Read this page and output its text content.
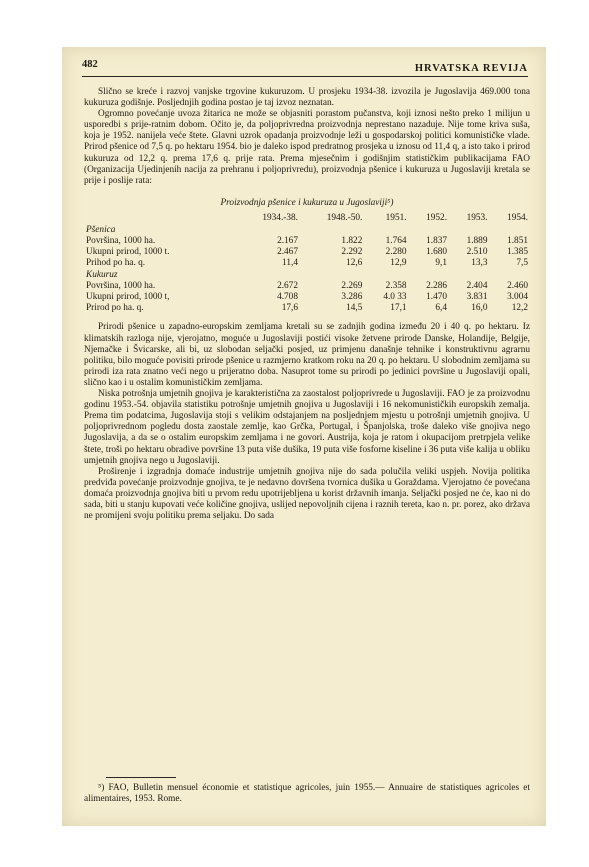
482	HRVATSKA REVIJA

Slično se kreće i razvoj vanjske trgovine kukuruzom. U prosjeku 1934-38. izvozila je Jugoslavija 469.000 tona kukuruza godišnje. Posljednjih godina postao je taj izvoz neznatan.

Ogromno povećanje uvoza žitarica ne može se objasniti porastom pučanstva, koji iznosi nešto preko 1 milijun u usporedbi s prije-ratnim dobom. Očito je, da poljoprivredna proizvodnja neprestano nazaduje. Nije tome kriva suša, koja je 1952. nanijela veće štete. Glavni uzrok opadanja proizvodnje leži u gospodarskoj politici komunističke vlade. Prirod pšenice od 7,5 q. po hektaru 1954. bio je daleko ispod predratnog prosjeka u iznosu od 11,4 q, a isto tako i prirod kukuruza od 12,2 q. prema 17,6 q. prije rata. Prema mjesečnim i godišnjim statističkim publikacijama FAO (Organizacija Ujedinjenih nacija za prehranu i poljoprivredu), proizvodnja pšenice i kukuruza u Jugoslaviji kretala se prije i poslije rata:

Proizvodnja pšenice i kukuruza u Jugoslaviji⁵)
	1934.-38.	1948.-50.	1951.	1952.	1953.	1954.
Pšenica						
Površina, 1000 ha.	2.167	1.822	1.764	1.837	1.889	1.851
Ukupni prirod, 1000 t.	2.467	2.292	2.280	1.680	2.510	1.385
Prihod po ha. q.	11,4	12,6	12,9	9,1	13,3	7,5
Kukuruz						
Površina, 1000 ha.	2.672	2.269	2.358	2.286	2.404	2.460
Ukupni prirod, 1000 t,	4.708	3.286	4.0 33	1.470	3.831	3.004
Prirod po ha. q.	17,6	14,5	17,1	6,4	16,0	12,2

Prirodi pšenice u zapadno-europskim zemljama kretali su se zadnjih godina između 20 i 40 q. po hektaru. Iz klimatskih razloga nije, vjerojatno, moguće u Jugoslaviji postići visoke žetvene prirode Danske, Holandije, Belgije, Njemačke i Švicarske, ali bi, uz slobodan seljački posjed, uz primjenu današnje tehnike i konstruktivnu agrarnu politiku, bilo moguće povisiti prirode pšenice u razmjerno kratkom roku na 20 q. po hektaru. U slobodnim zemljama su prirodi iza rata znatno veći nego u prijeratno doba. Nasuprot tome su prirodi po jedinici površine u Jugoslaviji opali, slično kao i u ostalim komunističkim zemljama.

Niska potrošnja umjetnih gnojiva je karakteristična za zaostalost poljoprivrede u Jugoslaviji. FAO je za proizvodnu godinu 1953.-54. objavila statistiku potrošnje umjetnih gnojiva u Jugoslaviji i 16 nekomunističkih europskih zemalja. Prema tim podatcima, Jugoslavija stoji s velikim odstajanjem na posljednjem mjestu u potrošnji umjetnih gnojiva. U poljoprivrednom pogledu dosta zaostale zemlje, kao Grčka, Portugal, i Španjolska, troše daleko više gnojiva nego Jugoslavija, a da se o ostalim europskim zemljama i ne govori. Austrija, koja je ratom i okupacijom pretrpjela velike štete, troši po hektaru obradive površine 13 puta više dušika, 19 puta više fosforne kiseline i 36 puta više kalija u obliku umjetnih gnojiva nego u Jugoslaviji.

Proširenje i izgradnja domaće industrije umjetnih gnojiva nije do sada polučila veliki uspjeh. Novija politika predviđa povećanje proizvodnje gnojiva, te je nedavno dovršena tvornica dušika u Goraždama. Vjerojatno će povećana domaća proizvodnja gnojiva biti u prvom redu upotrijebljena u korist državnih imanja. Seljački posjed ne će, kao ni do sada, biti u stanju kupovati veće količine gnojiva, uslijed nepovoljnih cijena i raznih tereta, kao n. pr. porez, ako država ne promijeni svoju politiku prema seljaku. Do sada

⁵) FAO, Bulletin mensuel économie et statistique agricoles, juin 1955.— Annuaire de statistiques agricoles et alimentaires, 1953. Rome.
